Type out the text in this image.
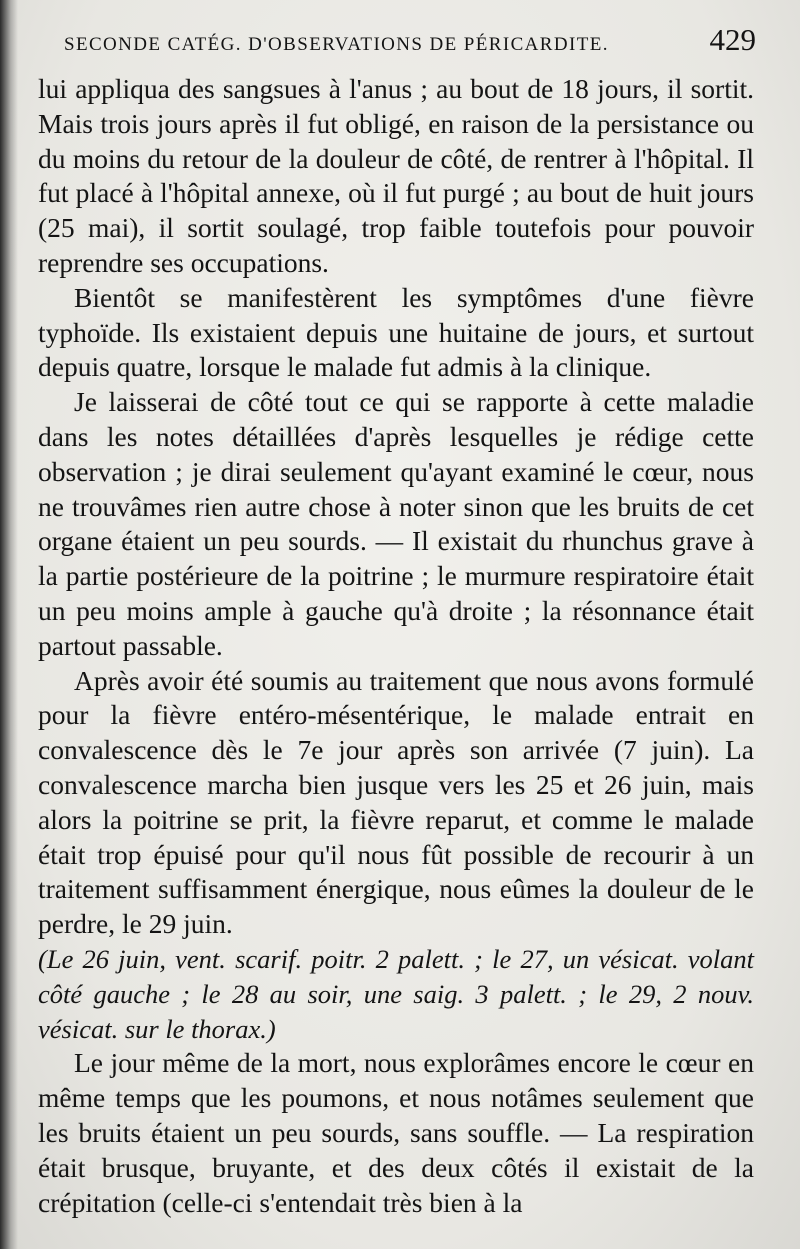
SECONDE CATÉG. D'OBSERVATIONS DE PÉRICARDITE.	429

lui appliqua des sangsues à l'anus ; au bout de 18 jours, il sortit. Mais trois jours après il fut obligé, en raison de la persistance ou du moins du retour de la douleur de côté, de rentrer à l'hôpital. Il fut placé à l'hôpital annexe, où il fut purgé ; au bout de huit jours (25 mai), il sortit soulagé, trop faible toutefois pour pouvoir reprendre ses occupations.

Bientôt se manifestèrent les symptômes d'une fièvre typhoïde. Ils existaient depuis une huitaine de jours, et surtout depuis quatre, lorsque le malade fut admis à la clinique.

Je laisserai de côté tout ce qui se rapporte à cette maladie dans les notes détaillées d'après lesquelles je rédige cette observation ; je dirai seulement qu'ayant examiné le cœur, nous ne trouvâmes rien autre chose à noter sinon que les bruits de cet organe étaient un peu sourds. — Il existait du rhunchus grave à la partie postérieure de la poitrine ; le murmure respiratoire était un peu moins ample à gauche qu'à droite ; la résonnance était partout passable.

Après avoir été soumis au traitement que nous avons formulé pour la fièvre entéro-mésentérique, le malade entrait en convalescence dès le 7e jour après son arrivée (7 juin). La convalescence marcha bien jusque vers les 25 et 26 juin, mais alors la poitrine se prit, la fièvre reparut, et comme le malade était trop épuisé pour qu'il nous fût possible de recourir à un traitement suffisamment énergique, nous eûmes la douleur de le perdre, le 29 juin.

(Le 26 juin, vent. scarif. poitr. 2 palett. ; le 27, un vésicat. volant côté gauche ; le 28 au soir, une saig. 3 palett. ; le 29, 2 nouv. vésicat. sur le thorax.)

Le jour même de la mort, nous explorâmes encore le cœur en même temps que les poumons, et nous notâmes seulement que les bruits étaient un peu sourds, sans souffle. — La respiration était brusque, bruyante, et des deux côtés il existait de la crépitation (celle-ci s'entendait très bien à la
